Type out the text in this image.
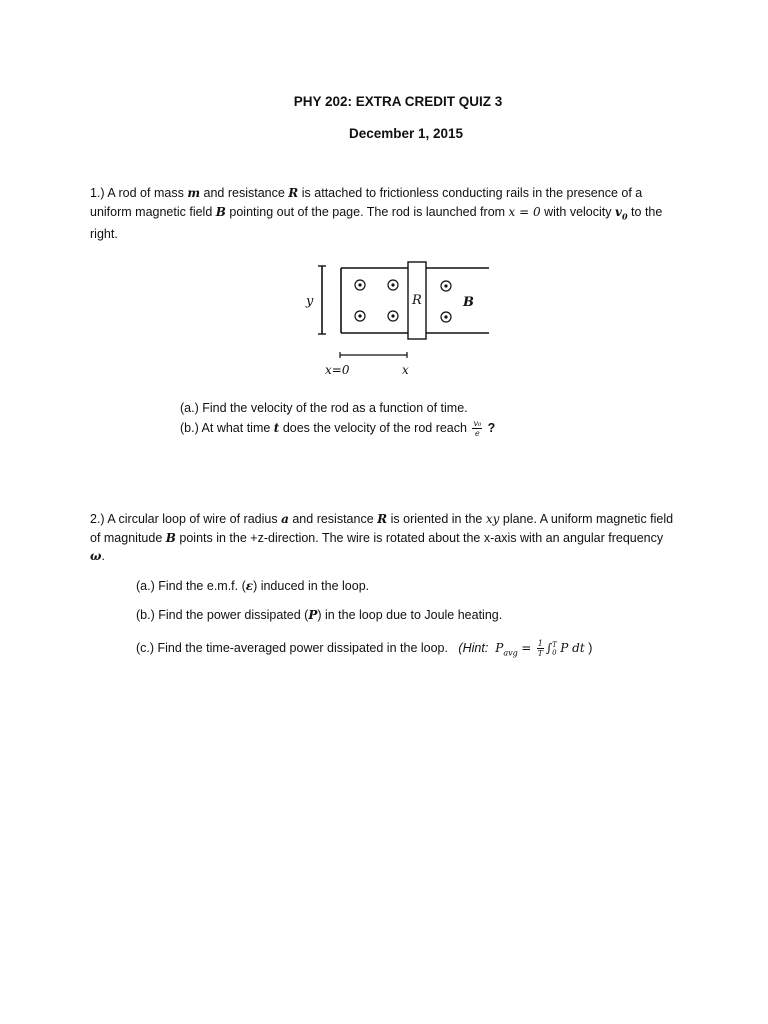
PHY 202: EXTRA CREDIT QUIZ 3
December 1, 2015
1.) A rod of mass m and resistance R is attached to frictionless conducting rails in the presence of a uniform magnetic field B pointing out of the page. The rod is launched from x = 0 with velocity $v_0$ to the right.
y	R	B
x=0	x
(a.) Find the velocity of the rod as a function of time.
(b.) At what time t does the velocity of the rod reach $\frac{\text{v₀}}{e}$ ?
2.) A circular loop of wire of radius a and resistance R is oriented in the xy plane. A uniform magnetic field of magnitude B points in the +z-direction. The wire is rotated about the x-axis with an angular frequency ω.
(a.) Find the e.m.f. (ε) induced in the loop.
(b.) Find the power dissipated (P) in the loop due to Joule heating.
(c.) Find the time-averaged power dissipated in the loop. (Hint: $P_{avg} = \frac{1}{T}$ ∫ T
0 P dt )
